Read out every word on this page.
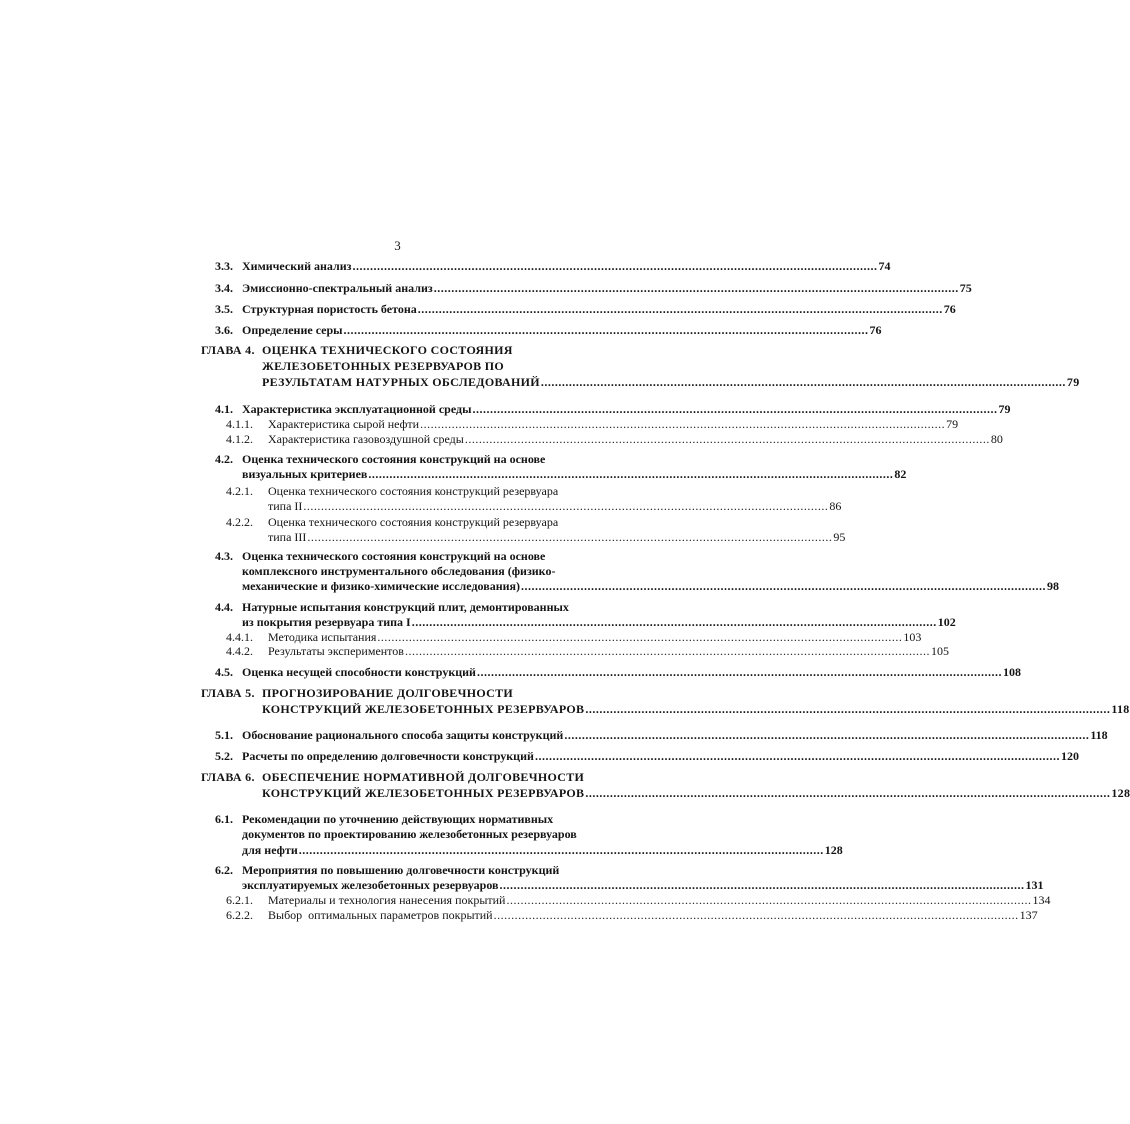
3
3.3. Химический анализ ...................................................................................................................................................... 74
3.4. Эмиссионно-спектральный анализ ...................................................................................................................................................... 75
3.5. Структурная пористость бетона ...................................................................................................................................................... 76
3.6. Определение серы ...................................................................................................................................................... 76
ГЛАВА 4. ОЦЕНКА ТЕХНИЧЕСКОГО СОСТОЯНИЯ
ЖЕЛЕЗОБЕТОННЫХ РЕЗЕРВУАРОВ ПО
РЕЗУЛЬТАТАМ НАТУРНЫХ ОБСЛЕДОВАНИЙ ...................................................................................................................................................... 79
4.1. Характеристика эксплуатационной среды ...................................................................................................................................................... 79
4.1.1.	Характеристика сырой нефти ...................................................................................................................................................... 79
4.1.2.	Характеристика газовоздушной среды ...................................................................................................................................................... 80
4.2. Оценка технического состояния конструкций на основе
визуальных критериев ...................................................................................................................................................... 82
4.2.1. Оценка технического состояния конструкций резервуара
типа II ...................................................................................................................................................... 86
4.2.2. Оценка технического состояния конструкций резервуара
типа III ...................................................................................................................................................... 95
4.3. Оценка технического состояния конструкций на основе
комплексного инструментального обследования (физико-
механические и физико-химические исследования) ...................................................................................................................................................... 98
4.4. Натурные испытания конструкций плит, демонтированных
из покрытия резервуара типа I ...................................................................................................................................................... 102
4.4.1.	Методика испытания ...................................................................................................................................................... 103
4.4.2.	Результаты экспериментов ...................................................................................................................................................... 105
4.5. Оценка несущей способности конструкций ...................................................................................................................................................... 108
ГЛАВА 5. ПРОГНОЗИРОВАНИЕ ДОЛГОВЕЧНОСТИ
КОНСТРУКЦИЙ ЖЕЛЕЗОБЕТОННЫХ РЕЗЕРВУАРОВ ...................................................................................................................................................... 118
5.1. Обоснование рационального способа защиты конструкций ...................................................................................................................................................... 118
5.2. Расчеты по определению долговечности конструкций ...................................................................................................................................................... 120
ГЛАВА 6. ОБЕСПЕЧЕНИЕ НОРМАТИВНОЙ ДОЛГОВЕЧНОСТИ
КОНСТРУКЦИЙ ЖЕЛЕЗОБЕТОННЫХ РЕЗЕРВУАРОВ ...................................................................................................................................................... 128
6.1. Рекомендации по уточнению действующих нормативных
документов по проектированию железобетонных резервуаров
для нефти ...................................................................................................................................................... 128
6.2. Мероприятия по повышению долговечности конструкций
эксплуатируемых железобетонных резервуаров ...................................................................................................................................................... 131
6.2.1.	Материалы и технология нанесения покрытий ...................................................................................................................................................... 134
6.2.2.	Выбор  оптимальных параметров покрытий ...................................................................................................................................................... 137
